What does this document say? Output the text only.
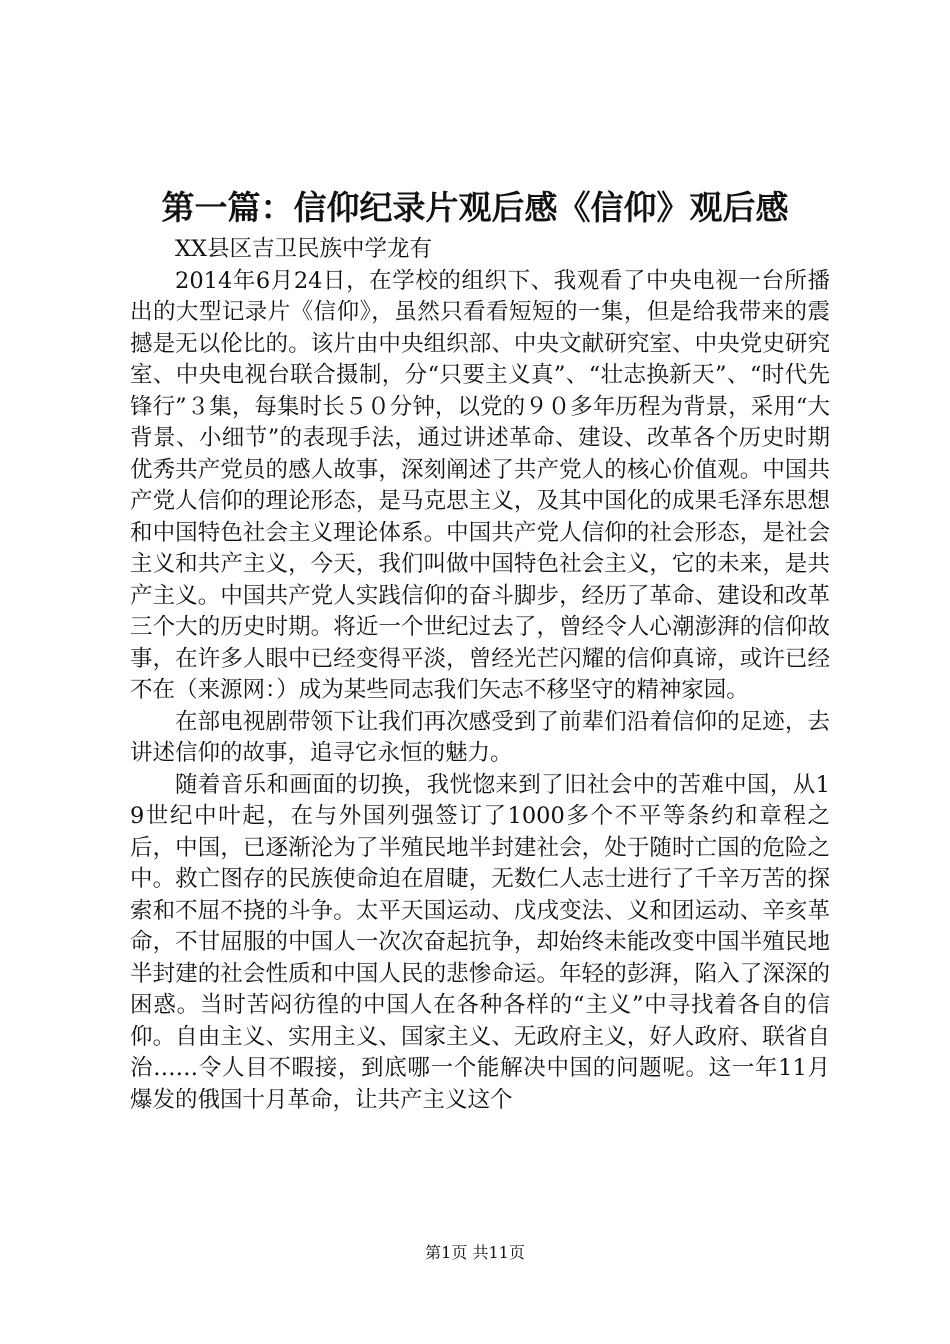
第一篇：信仰纪录片观后感《信仰》观后感

XX县区吉卫民族中学龙有

2014年6月24日，在学校的组织下、我观看了中央电视一台所播出的大型记录片《信仰》，虽然只看看短短的一集，但是给我带来的震撼是无以伦比的。该片由中央组织部、中央文献研究室、中央党史研究室、中央电视台联合摄制，分“只要主义真”、“壮志换新天”、“时代先锋行”３集，每集时长５０分钟，以党的９０多年历程为背景，采用“大背景、小细节”的表现手法，通过讲述革命、建设、改革各个历史时期优秀共产党员的感人故事，深刻阐述了共产党人的核心价值观。中国共产党人信仰的理论形态，是马克思主义，及其中国化的成果毛泽东思想和中国特色社会主义理论体系。中国共产党人信仰的社会形态，是社会主义和共产主义，今天，我们叫做中国特色社会主义，它的未来，是共产主义。中国共产党人实践信仰的奋斗脚步，经历了革命、建设和改革三个大的历史时期。将近一个世纪过去了，曾经令人心潮澎湃的信仰故事，在许多人眼中已经变得平淡，曾经光芒闪耀的信仰真谛，或许已经不在（来源网：）成为某些同志我们矢志不移坚守的精神家园。

在部电视剧带领下让我们再次感受到了前辈们沿着信仰的足迹，去讲述信仰的故事，追寻它永恒的魅力。

随着音乐和画面的切换，我恍惚来到了旧社会中的苦难中国，从19世纪中叶起，在与外国列强签订了1000多个不平等条约和章程之后，中国，已逐渐沦为了半殖民地半封建社会，处于随时亡国的危险之中。救亡图存的民族使命迫在眉睫，无数仁人志士进行了千辛万苦的探索和不屈不挠的斗争。太平天国运动、戊戌变法、义和团运动、辛亥革命，不甘屈服的中国人一次次奋起抗争，却始终未能改变中国半殖民地半封建的社会性质和中国人民的悲惨命运。年轻的彭湃，陷入了深深的困惑。当时苦闷彷徨的中国人在各种各样的“主义”中寻找着各自的信仰。自由主义、实用主义、国家主义、无政府主义，好人政府、联省自治……令人目不暇接，到底哪一个能解决中国的问题呢。这一年11月爆发的俄国十月革命，让共产主义这个

第1页 共11页
